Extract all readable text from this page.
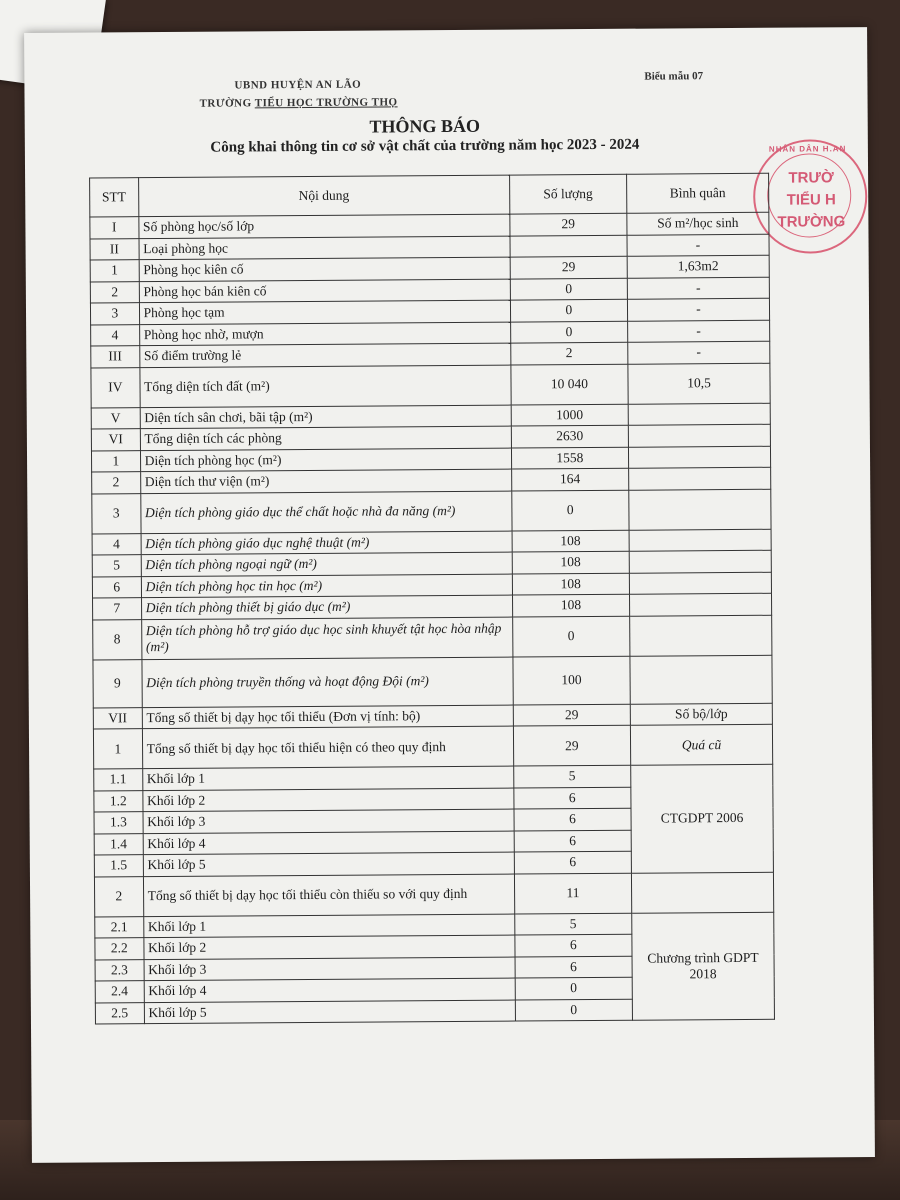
UBND HUYỆN AN LÃO
TRƯỜNG TIỂU HỌC TRƯỜNG THỌ
Biểu mẫu 07
THÔNG BÁO
Công khai thông tin cơ sở vật chất của trường năm học 2023 - 2024	NHÂN DÂN H.AN
TRƯỜ
TIỂU H
TRƯỜNG
STT	Nội dung	Số lượng	Bình quân
I	Số phòng học/số lớp	29	Số m²/học sinh
II	Loại phòng học		-
1	Phòng học kiên cố	29	1,63m2
2	Phòng học bán kiên cố	0	-
3	Phòng học tạm	0	-
4	Phòng học nhờ, mượn	0	-
III	Số điểm trường lẻ	2	-
IV	Tổng diện tích đất (m²)	10 040	10,5
V	Diện tích sân chơi, bãi tập (m²)	1000	
VI	Tổng diện tích các phòng	2630	
1	Diện tích phòng học (m²)	1558	
2	Diện tích thư viện (m²)	164	
3	Diện tích phòng giáo dục thể chất hoặc nhà đa năng (m²)	0	
4	Diện tích phòng giáo dục nghệ thuật (m²)	108	
5	Diện tích phòng ngoại ngữ (m²)	108	
6	Diện tích phòng học tin học (m²)	108	
7	Diện tích phòng thiết bị giáo dục (m²)	108	
8	Diện tích phòng hỗ trợ giáo dục học sinh khuyết tật học hòa nhập (m²)	0	
9	Diện tích phòng truyền thống và hoạt động Đội (m²)	100	
VII	Tổng số thiết bị dạy học tối thiểu (Đơn vị tính: bộ)	29	Số bộ/lớp
1	Tổng số thiết bị dạy học tối thiểu hiện có theo quy định	29	Quá cũ
1.1	Khối lớp 1	5	CTGDPT 2006
1.2	Khối lớp 2	6	
1.3	Khối lớp 3	6	
1.4	Khối lớp 4	6	
1.5	Khối lớp 5	6	
2	Tổng số thiết bị dạy học tối thiểu còn thiếu so với quy định	11	
2.1	Khối lớp 1	5	Chương trình GDPT 2018
2.2	Khối lớp 2	6	
2.3	Khối lớp 3	6	
2.4	Khối lớp 4	0	
2.5	Khối lớp 5	0	
